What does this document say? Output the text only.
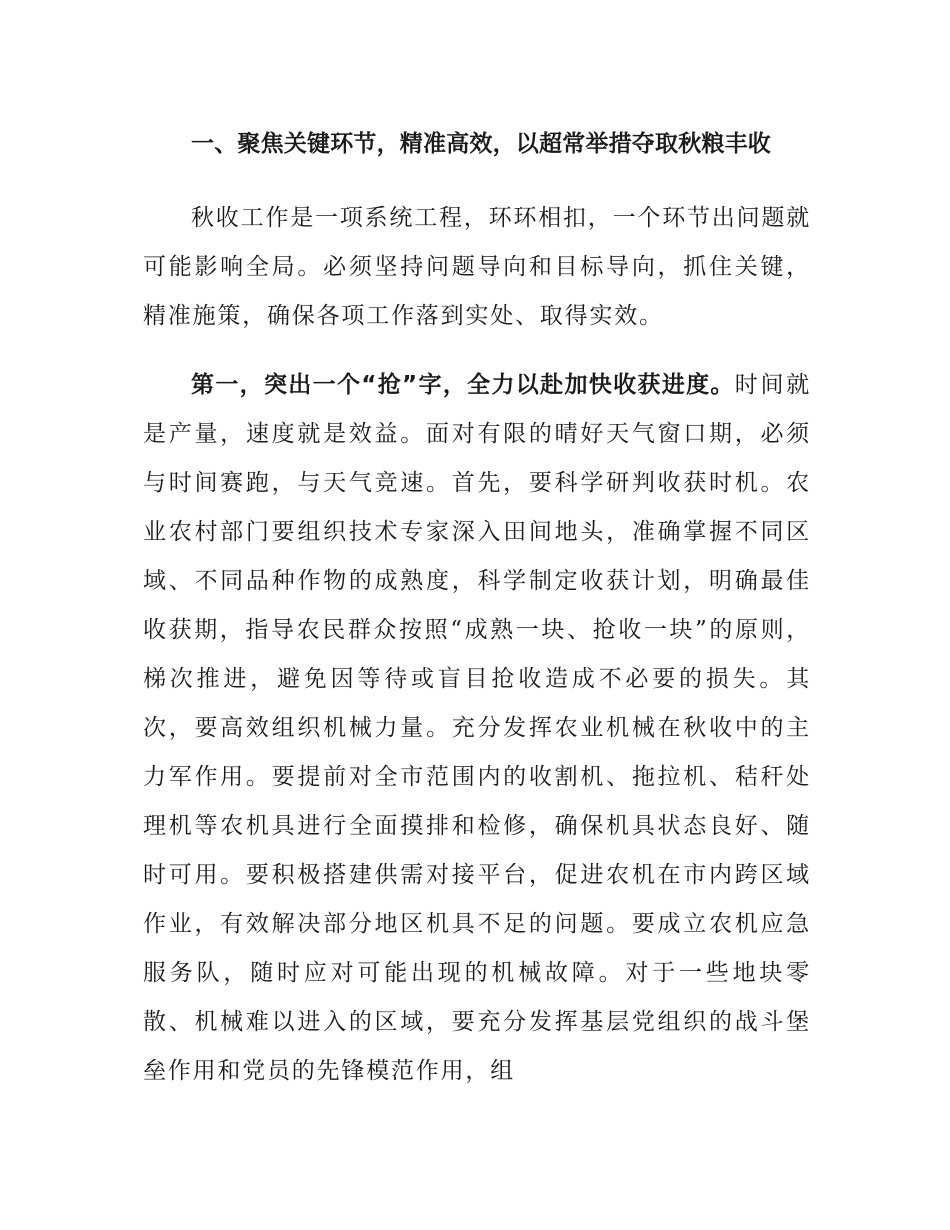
一、聚焦关键环节，精准高效，以超常举措夺取秋粮丰收

秋收工作是一项系统工程，环环相扣，一个环节出问题就可能影响全局。必须坚持问题导向和目标导向，抓住关键，精准施策，确保各项工作落到实处、取得实效。

第一，突出一个“抢”字，全力以赴加快收获进度。时间就是产量，速度就是效益。面对有限的晴好天气窗口期，必须与时间赛跑，与天气竞速。首先，要科学研判收获时机。农业农村部门要组织技术专家深入田间地头，准确掌握不同区域、不同品种作物的成熟度，科学制定收获计划，明确最佳收获期，指导农民群众按照“成熟一块、抢收一块”的原则，梯次推进，避免因等待或盲目抢收造成不必要的损失。其次，要高效组织机械力量。充分发挥农业机械在秋收中的主力军作用。要提前对全市范围内的收割机、拖拉机、秸秆处理机等农机具进行全面摸排和检修，确保机具状态良好、随时可用。要积极搭建供需对接平台，促进农机在市内跨区域作业，有效解决部分地区机具不足的问题。要成立农机应急服务队，随时应对可能出现的机械故障。对于一些地块零散、机械难以进入的区域，要充分发挥基层党组织的战斗堡垒作用和党员的先锋模范作用，组
